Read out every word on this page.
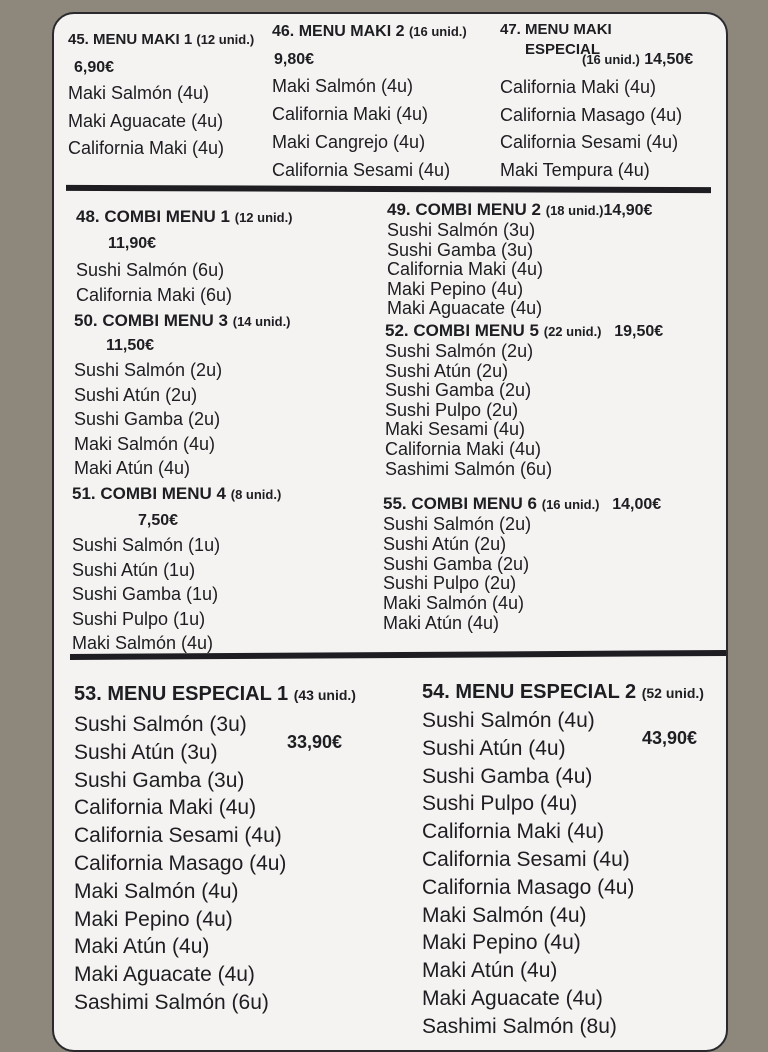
45. MENU MAKI 1 (12 unid.)
6,90€
Maki Salmón (4u)
Maki Aguacate (4u)
California Maki (4u)
46. MENU MAKI 2 (16 unid.)
9,80€
Maki Salmón (4u)
California Maki (4u)
Maki Cangrejo (4u)
California Sesami (4u)
47. MENU MAKI ESPECIAL
(16 unid.) 14,50€
California Maki (4u)
California Masago (4u)
California Sesami (4u)
Maki Tempura (4u)
48. COMBI MENU 1 (12 unid.)
11,90€
Sushi Salmón (6u)
California Maki (6u)
49. COMBI MENU 2 (18 unid.)14,90€
Sushi Salmón (3u)
Sushi Gamba (3u)
California Maki (4u)
Maki Pepino (4u)
Maki Aguacate (4u)
50. COMBI MENU 3 (14 unid.)
11,50€
Sushi Salmón (2u)
Sushi Atún (2u)
Sushi Gamba (2u)
Maki Salmón (4u)
Maki Atún (4u)
52. COMBI MENU 5 (22 unid.) 19,50€
Sushi Salmón (2u)
Sushi Atún (2u)
Sushi Gamba (2u)
Sushi Pulpo (2u)
Maki Sesami (4u)
California Maki (4u)
Sashimi Salmón (6u)
51. COMBI MENU 4 (8 unid.)
7,50€
Sushi Salmón (1u)
Sushi Atún (1u)
Sushi Gamba (1u)
Sushi Pulpo (1u)
Maki Salmón (4u)
55. COMBI MENU 6 (16 unid.) 14,00€
Sushi Salmón (2u)
Sushi Atún (2u)
Sushi Gamba (2u)
Sushi Pulpo (2u)
Maki Salmón (4u)
Maki Atún (4u)
53. MENU ESPECIAL 1 (43 unid.)
33,90€
Sushi Salmón (3u)
Sushi Atún (3u)
Sushi Gamba (3u)
California Maki (4u)
California Sesami (4u)
California Masago (4u)
Maki Salmón (4u)
Maki Pepino (4u)
Maki Atún (4u)
Maki Aguacate (4u)
Sashimi Salmón (6u)
54. MENU ESPECIAL 2 (52 unid.)
43,90€
Sushi Salmón (4u)
Sushi Atún (4u)
Sushi Gamba (4u)
Sushi Pulpo (4u)
California Maki (4u)
California Sesami (4u)
California Masago (4u)
Maki Salmón (4u)
Maki Pepino (4u)
Maki Atún (4u)
Maki Aguacate (4u)
Sashimi Salmón (8u)
